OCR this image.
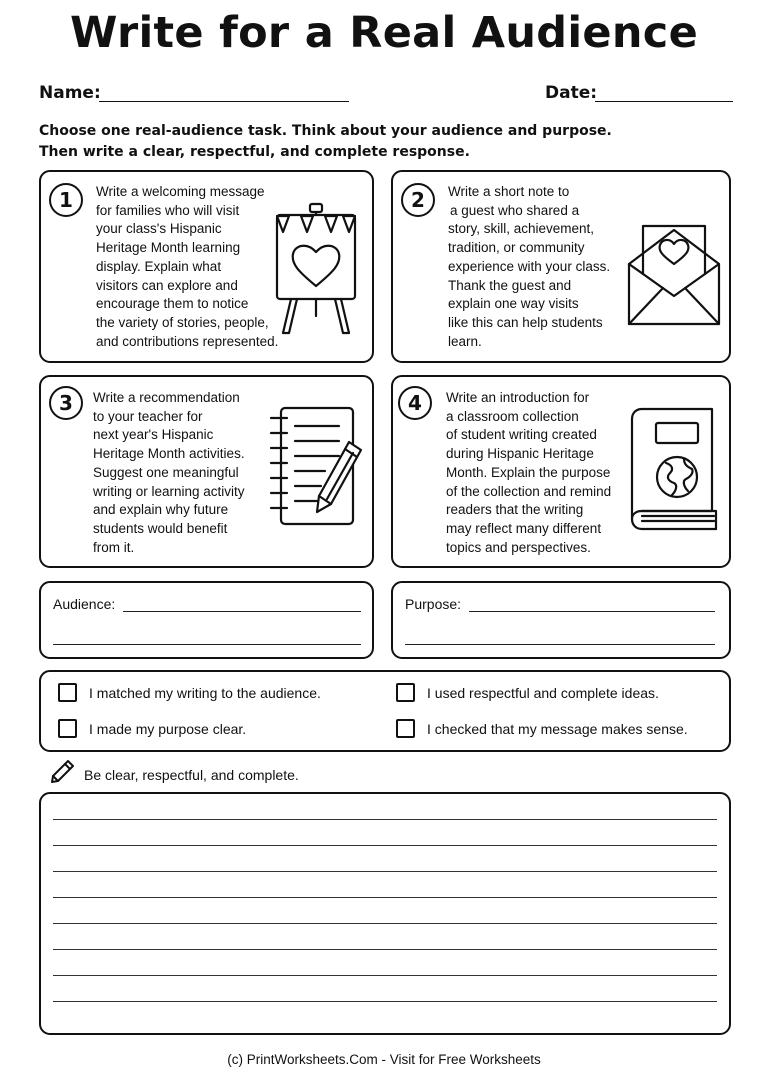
Write for a Real Audience
Name:	Date:
Choose one real-audience task. Think about your audience and purpose.
Then write a clear, respectful, and complete response.
1	Write a welcoming message
for families who will visit
your class's Hispanic
Heritage Month learning
display. Explain what
visitors can explore and
encourage them to notice
the variety of stories, people,
and contributions represented.
2	Write a short note to
a guest who shared a
story, skill, achievement,
tradition, or community
experience with your class.
Thank the guest and
explain one way visits
like this can help students
learn.
3	Write a recommendation
to your teacher for
next year's Hispanic
Heritage Month activities.
Suggest one meaningful
writing or learning activity
and explain why future
students would benefit
from it.
4	Write an introduction for
a classroom collection
of student writing created
during Hispanic Heritage
Month. Explain the purpose
of the collection and remind
readers that the writing
may reflect many different
topics and perspectives.
Audience:	Purpose:
I matched my writing to the audience.	I used respectful and complete ideas.
I made my purpose clear.	I checked that my message makes sense.
Be clear, respectful, and complete.
(c) PrintWorksheets.Com - Visit for Free Worksheets
